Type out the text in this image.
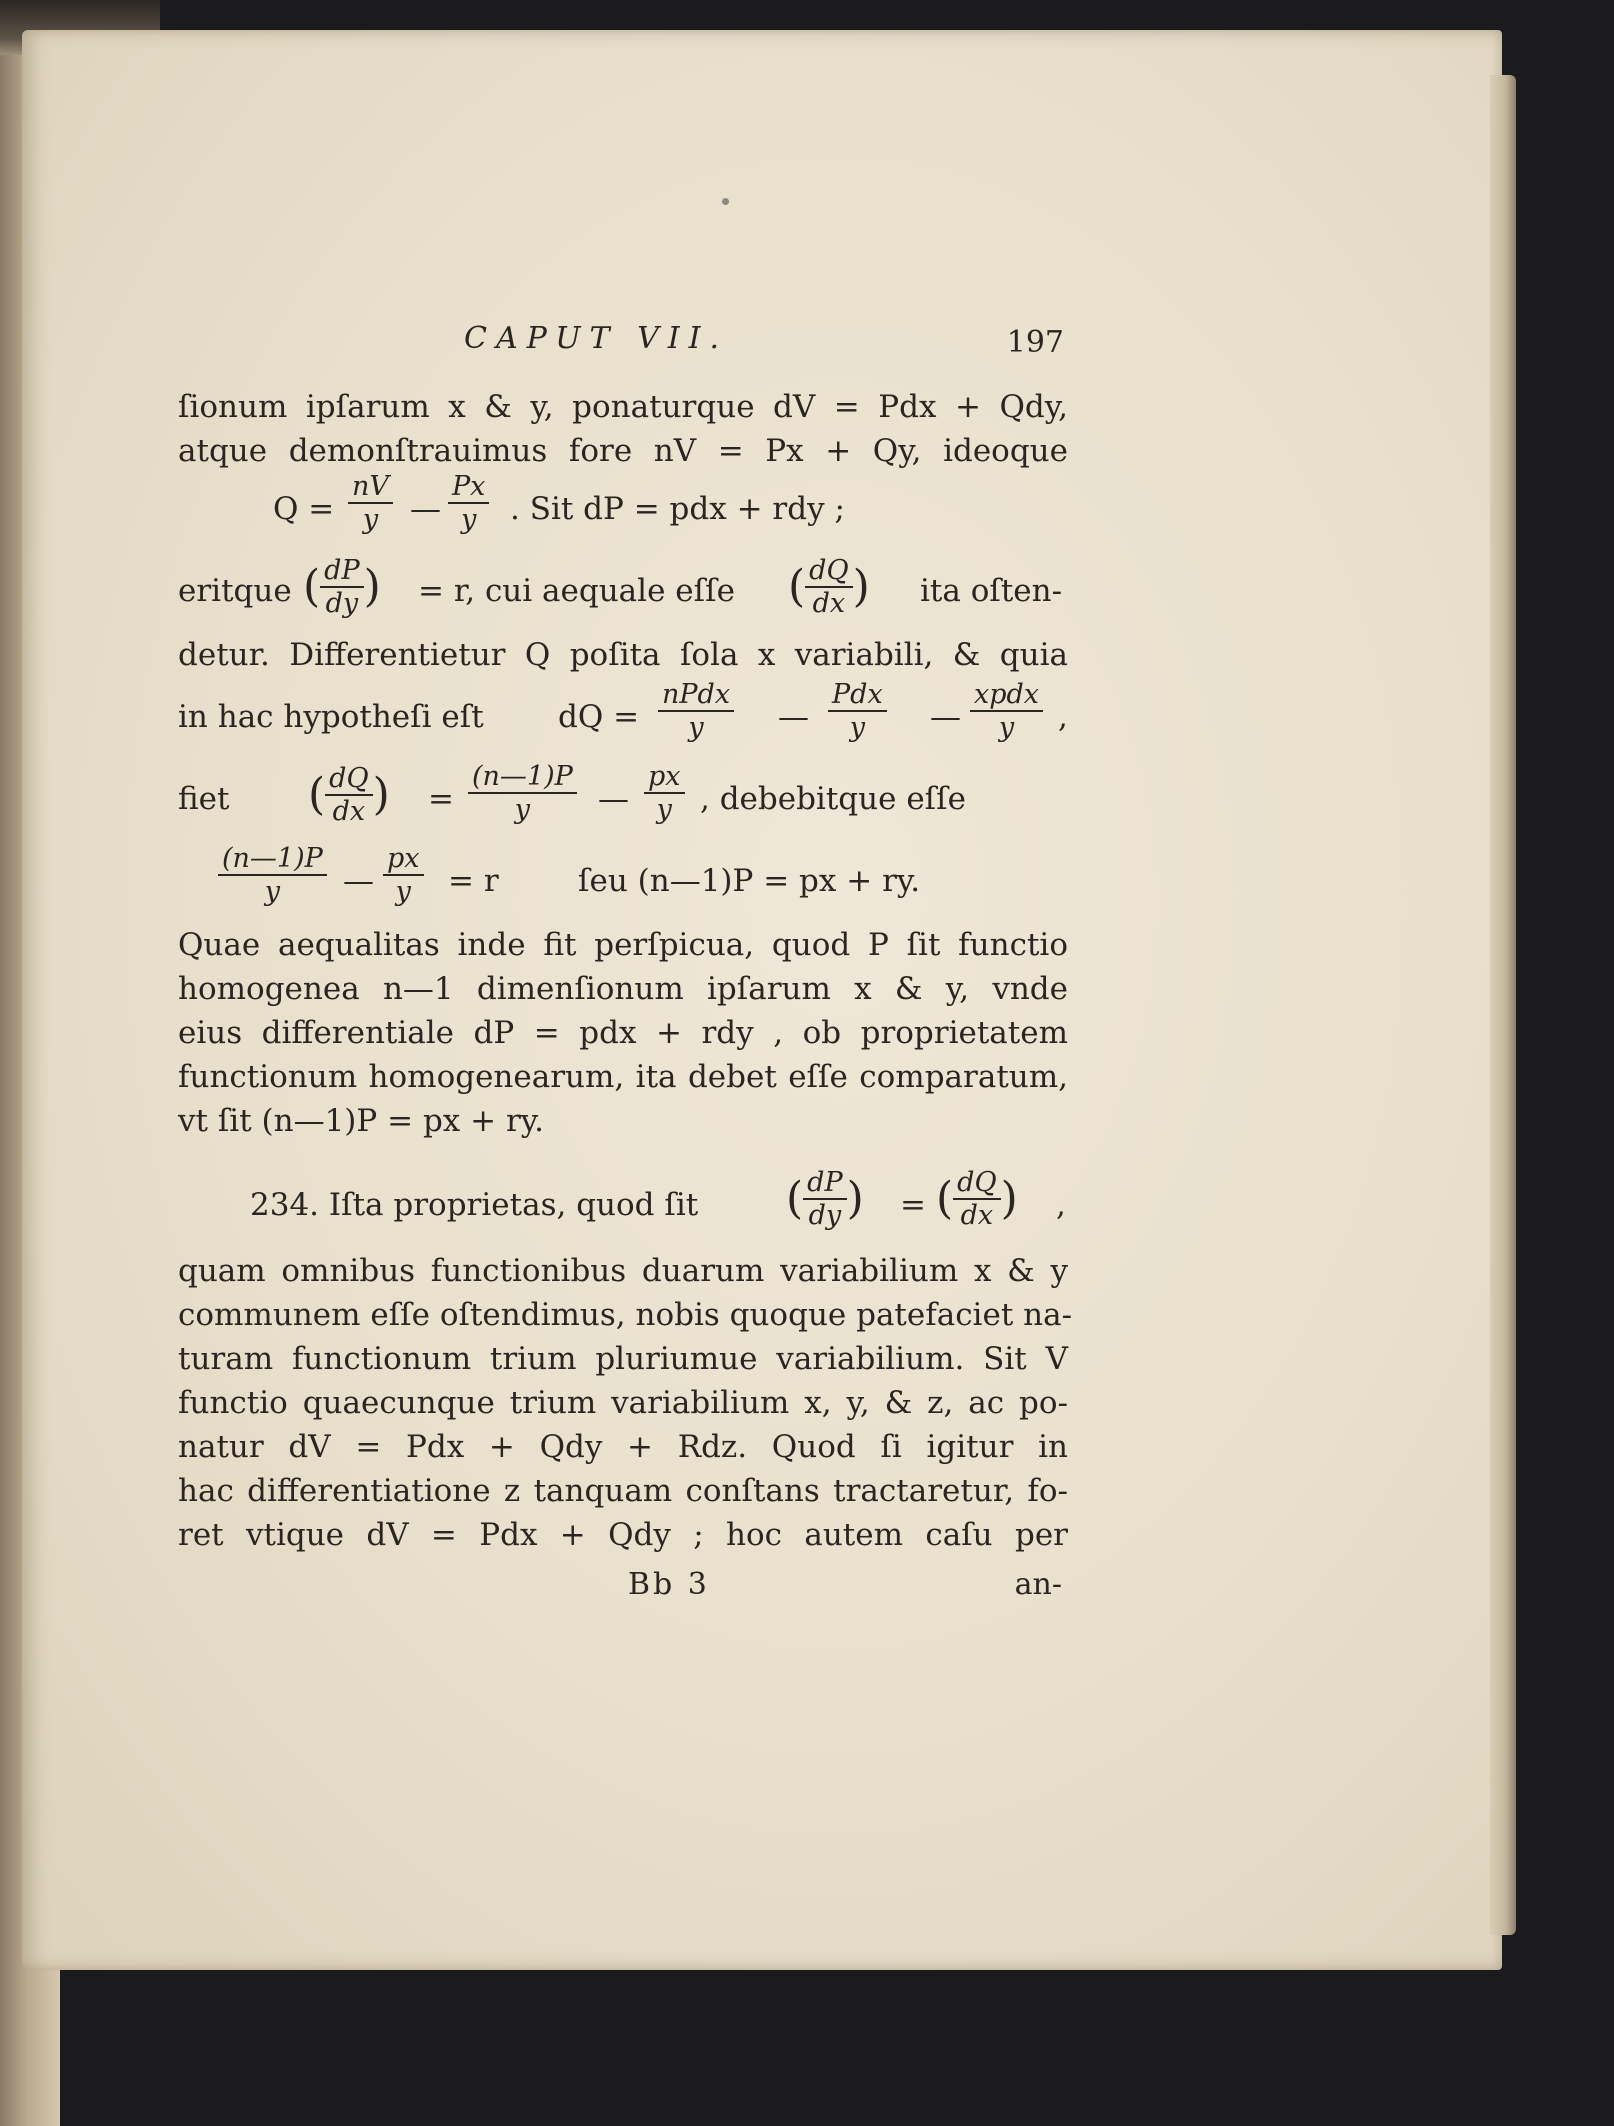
CAPUT VII.	197
ſionum ipſarum x & y, ponaturque dV = Pdx + Qdy,
atque demonſtrauimus fore nV = Px + Qy, ideoque
$Q = \frac{nV}{y}$ — $\frac{Px}{y}$ . Sit dP = pdx + rdy ;
eritque ( $\frac{dP}{dy}$ ) = r, cui aequale eſſe ( $\frac{dQ}{dx}$ ) ita oſten-
detur. Differentietur Q poſita ſola x variabili, & quia
in hac hypotheſi eſt dQ =
nPdx
y	—
Pdx
y	—
xpdx
y	,
fiet ( $\frac{dQ}{dx}$ ) = $\frac{(n—1)P}{y}$ — $\frac{px}{y}$ , debebitque eſſe
$\frac{(n—1)P}{y}$ — $\frac{px}{y} = r$	ſeu (n—1)P = px + ry.
Quae aequalitas inde fit perſpicua, quod P ſit functio
homogenea n—1 dimenſionum ipſarum x & y, vnde
eius differentiale dP = pdx + rdy , ob proprietatem
functionum homogenearum, ita debet eſſe comparatum,
vt ſit (n—1)P = px + ry.
234. Iſta proprietas, quod ſit ( $\frac{dP}{dy}$ ) = ( $\frac{dQ}{dx}$ ) ,
quam omnibus functionibus duarum variabilium x & y
communem eſſe oſtendimus, nobis quoque patefaciet na-
turam functionum trium pluriumue variabilium. Sit V
functio quaecunque trium variabilium x, y, & z, ac po-
natur dV = Pdx + Qdy + Rdz. Quod ſi igitur in
hac differentiatione z tanquam conſtans tractaretur, fo-
ret vtique dV = Pdx + Qdy ; hoc autem caſu per
Bb 3	an-
